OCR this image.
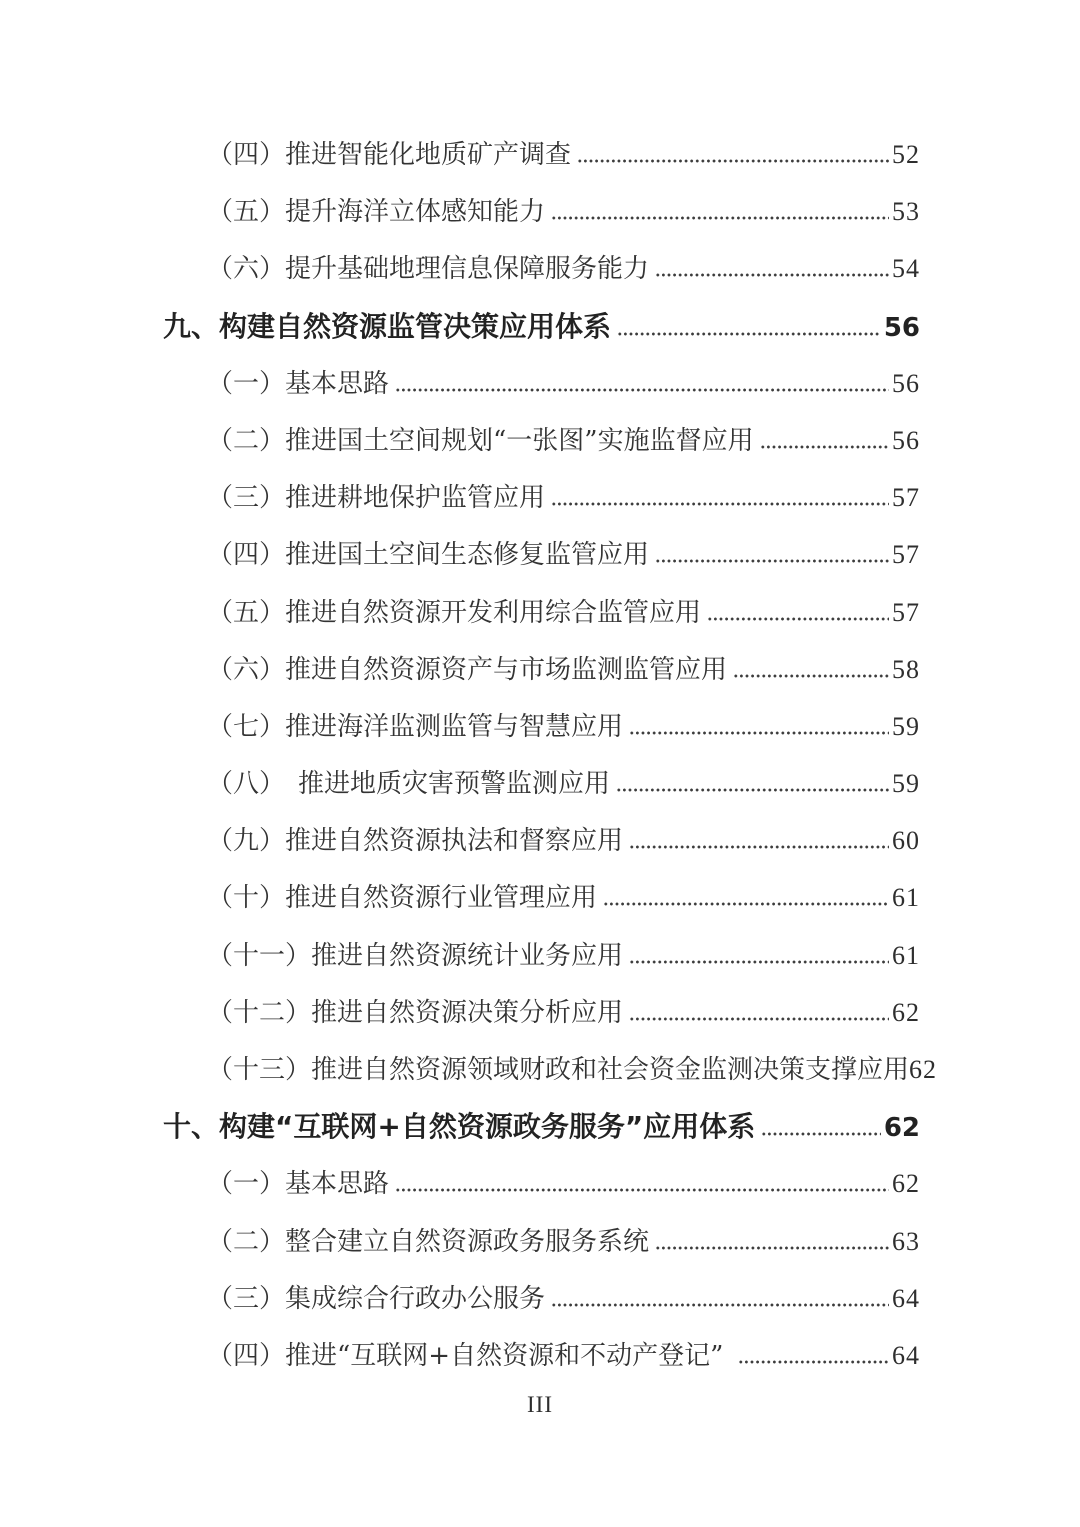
（四）推进智能化地质矿产调查	52
（五）提升海洋立体感知能力	53
（六）提升基础地理信息保障服务能力	54
九、构建自然资源监管决策应用体系	56
（一）基本思路	56
（二）推进国土空间规划“一张图”实施监督应用	56
（三）推进耕地保护监管应用	57
（四）推进国土空间生态修复监管应用	57
（五）推进自然资源开发利用综合监管应用	57
（六）推进自然资源资产与市场监测监管应用	58
（七）推进海洋监测监管与智慧应用	59
（八）　推进地质灾害预警监测应用	59
（九）推进自然资源执法和督察应用	60
（十）推进自然资源行业管理应用	61
（十一）推进自然资源统计业务应用	61
（十二）推进自然资源决策分析应用	62
（十三）推进自然资源领域财政和社会资金监测决策支撑应用 62
十、构建“互联网+自然资源政务服务”应用体系	62
（一）基本思路	62
（二）整合建立自然资源政务服务系统	63
（三）集成综合行政办公服务	64
（四）推进“互联网+自然资源和不动产登记”	64
III
